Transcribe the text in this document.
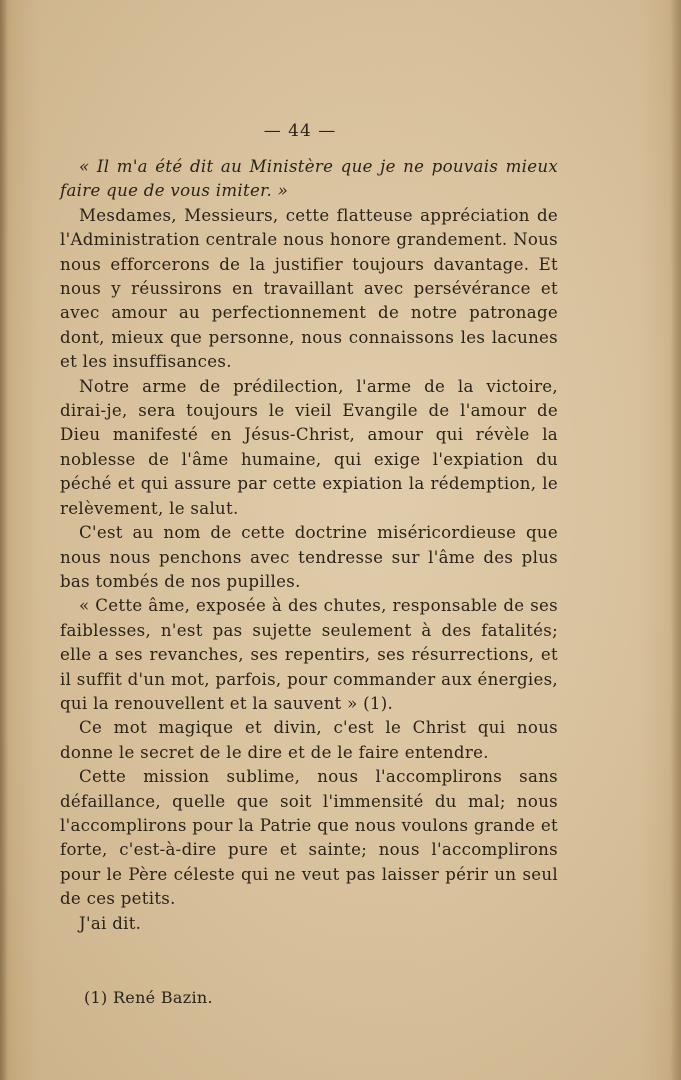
— 44 —

« Il m'a été dit au Ministère que je ne pouvais mieux faire que de vous imiter. »

Mesdames, Messieurs, cette flatteuse appréciation de l'Administration centrale nous honore grandement. Nous nous efforcerons de la justifier toujours davantage. Et nous y réussirons en travaillant avec persévérance et avec amour au perfectionnement de notre patronage dont, mieux que personne, nous connaissons les lacunes et les insuffisances.

Notre arme de prédilection, l'arme de la victoire, dirai-je, sera toujours le vieil Evangile de l'amour de Dieu manifesté en Jésus-Christ, amour qui révèle la noblesse de l'âme humaine, qui exige l'expiation du péché et qui assure par cette expiation la rédemption, le relèvement, le salut.

C'est au nom de cette doctrine miséricordieuse que nous nous penchons avec tendresse sur l'âme des plus bas tombés de nos pupilles.

« Cette âme, exposée à des chutes, responsable de ses faiblesses, n'est pas sujette seulement à des fatalités; elle a ses revanches, ses repentirs, ses résurrections, et il suffit d'un mot, parfois, pour commander aux énergies, qui la renouvellent et la sauvent » (1).

Ce mot magique et divin, c'est le Christ qui nous donne le secret de le dire et de le faire entendre.

Cette mission sublime, nous l'accomplirons sans défaillance, quelle que soit l'immensité du mal; nous l'accomplirons pour la Patrie que nous voulons grande et forte, c'est-à-dire pure et sainte; nous l'accomplirons pour le Père céleste qui ne veut pas laisser périr un seul de ces petits.

J'ai dit.

(1) René Bazin.
